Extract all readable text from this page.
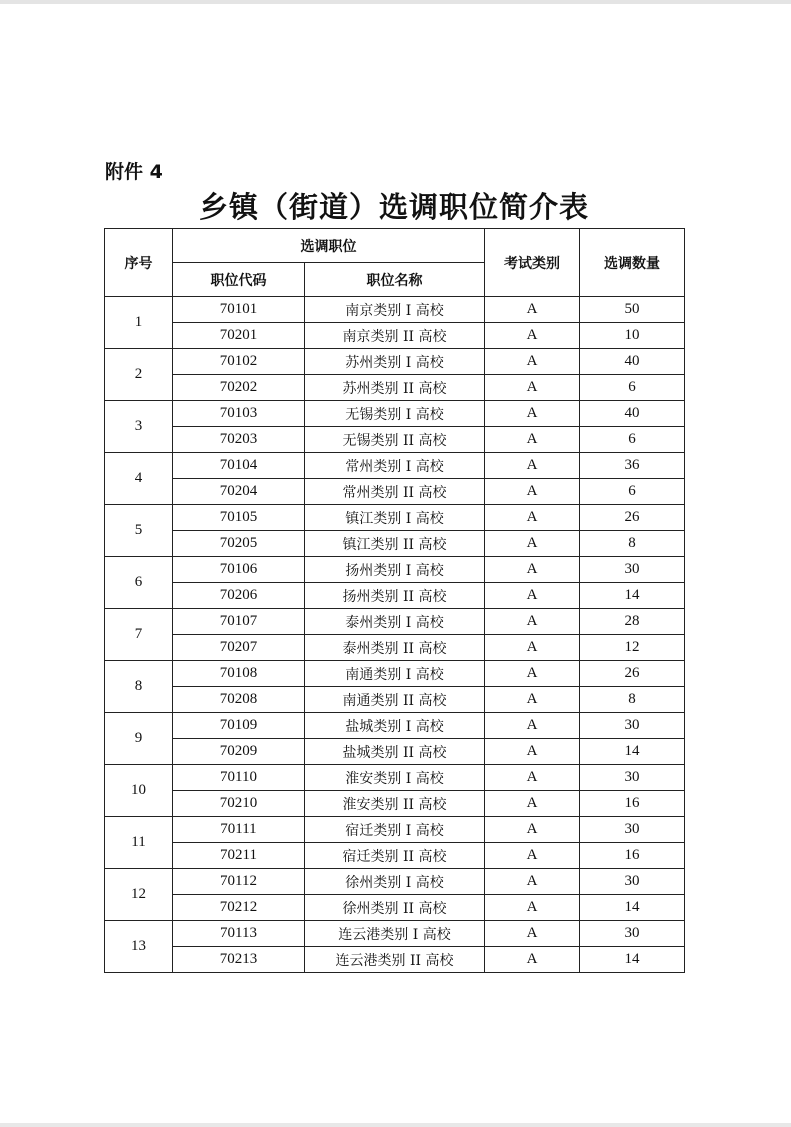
附件 4
乡镇（街道）选调职位简介表
序号	选调职位		考试类别	选调数量
	职位代码	职位名称		
1	70101	南京类别 I 高校	A	50
	70201	南京类别 II 高校	A	10
2	70102	苏州类别 I 高校	A	40
	70202	苏州类别 II 高校	A	6
3	70103	无锡类别 I 高校	A	40
	70203	无锡类别 II 高校	A	6
4	70104	常州类别 I 高校	A	36
	70204	常州类别 II 高校	A	6
5	70105	镇江类别 I 高校	A	26
	70205	镇江类别 II 高校	A	8
6	70106	扬州类别 I 高校	A	30
	70206	扬州类别 II 高校	A	14
7	70107	泰州类别 I 高校	A	28
	70207	泰州类别 II 高校	A	12
8	70108	南通类别 I 高校	A	26
	70208	南通类别 II 高校	A	8
9	70109	盐城类别 I 高校	A	30
	70209	盐城类别 II 高校	A	14
10	70110	淮安类别 I 高校	A	30
	70210	淮安类别 II 高校	A	16
11	70111	宿迁类别 I 高校	A	30
	70211	宿迁类别 II 高校	A	16
12	70112	徐州类别 I 高校	A	30
	70212	徐州类别 II 高校	A	14
13	70113	连云港类别 I 高校	A	30
	70213	连云港类别 II 高校	A	14
